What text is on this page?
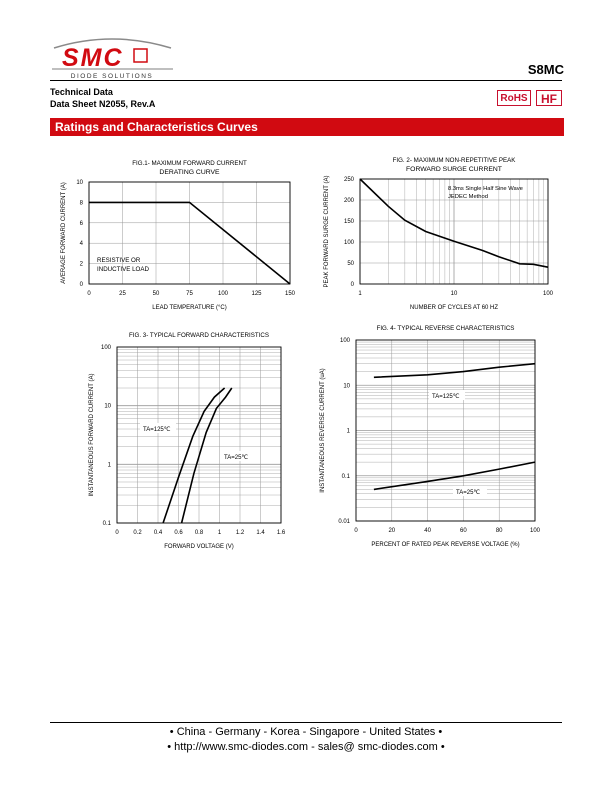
SMC
DIODE SOLUTIONS	S8MC
Technical Data
Data Sheet N2055, Rev.A	RoHS	HF
Ratings and Characteristics Curves
0	25	50	75	100	125	150
0
2
4
6
8
10
FIG.1- MAXIMUM FORWARD CURRENT
DERATING CURVE
LEAD TEMPERATURE (°C)
AVERAGE FORWARD CURRENT (A)
1	10	100
0
50
100
150
200
250
FIG. 2- MAXIMUM NON-REPETITIVE PEAK
FORWARD SURGE CURRENT
NUMBER OF CYCLES AT 60 HZ
PEAK FORWARD SURGE CURRENT (A)
0 0.2 0.4 0.6 0.8 1 1.2 1.4 1.6
0.1
1
10
100
FIG. 3- TYPICAL FORWARD CHARACTERISTICS
FORWARD VOLTAGE (V)
INSTANTANEOUS FORWARD CURRENT (A)
0	20	40	60	80	100
0.01
0.1
1
10
100
FIG. 4- TYPICAL REVERSE CHARACTERISTICS
PERCENT OF RATED PEAK REVERSE VOLTAGE (%)
INSTANTANEOUS REVERSE CURRENT (uA)
RESISTIVE OR
INDUCTIVE LOAD
8.3ms Single Half Sine Wave
JEDEC Method
TA=125℃
TA=25℃
TA=125℃
TA=25℃
• China - Germany - Korea - Singapore - United States •
• http://www.smc-diodes.com - sales@ smc-diodes.com •
